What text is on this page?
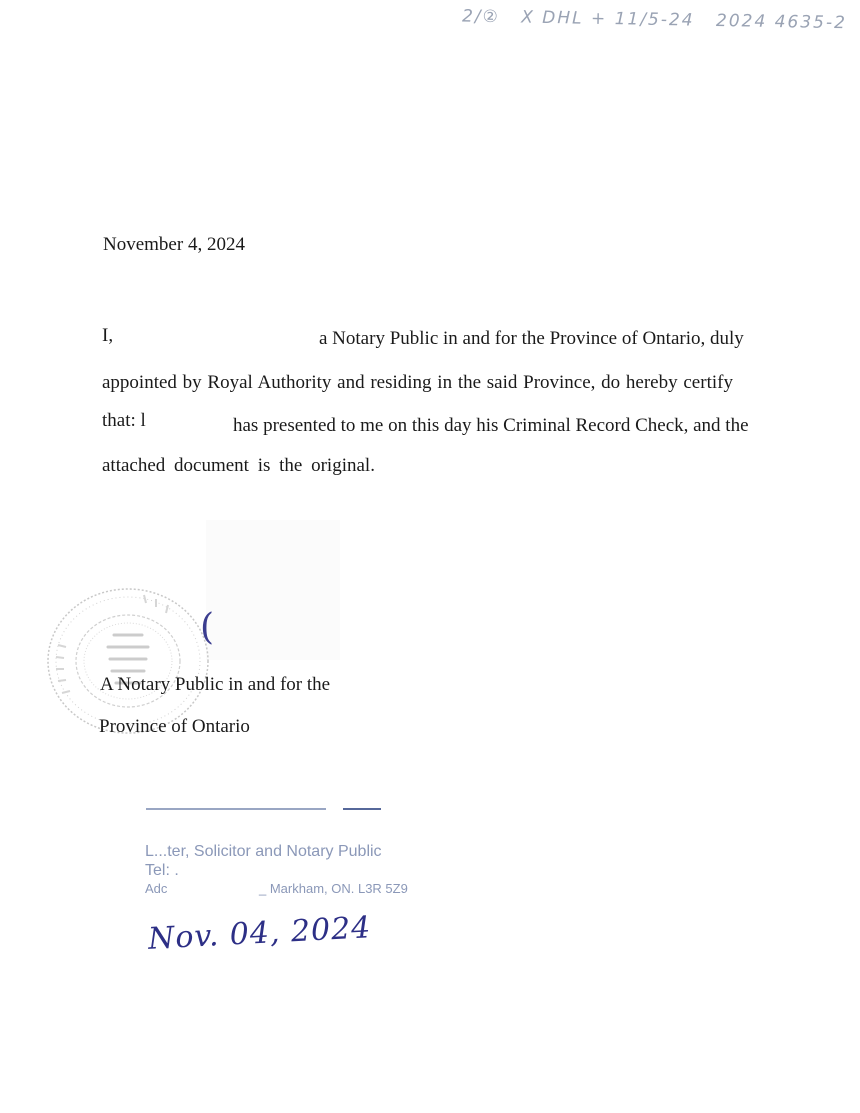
2/② X DHL + 11/5-24 2024 4635-2
November 4, 2024
I,	a Notary Public in and for the Province of Ontario, duly
appointed by Royal Authority and residing in the said Province, do hereby certify
that: l	has presented to me on this day his Criminal Record Check, and the
attached document is the original.
(
A Notary Public in and for the
Province of Ontario
L...ter, Solicitor and Notary Public
Tel: .
Adc	_ Markham, ON. L3R 5Z9
Nov. 04, 2024
